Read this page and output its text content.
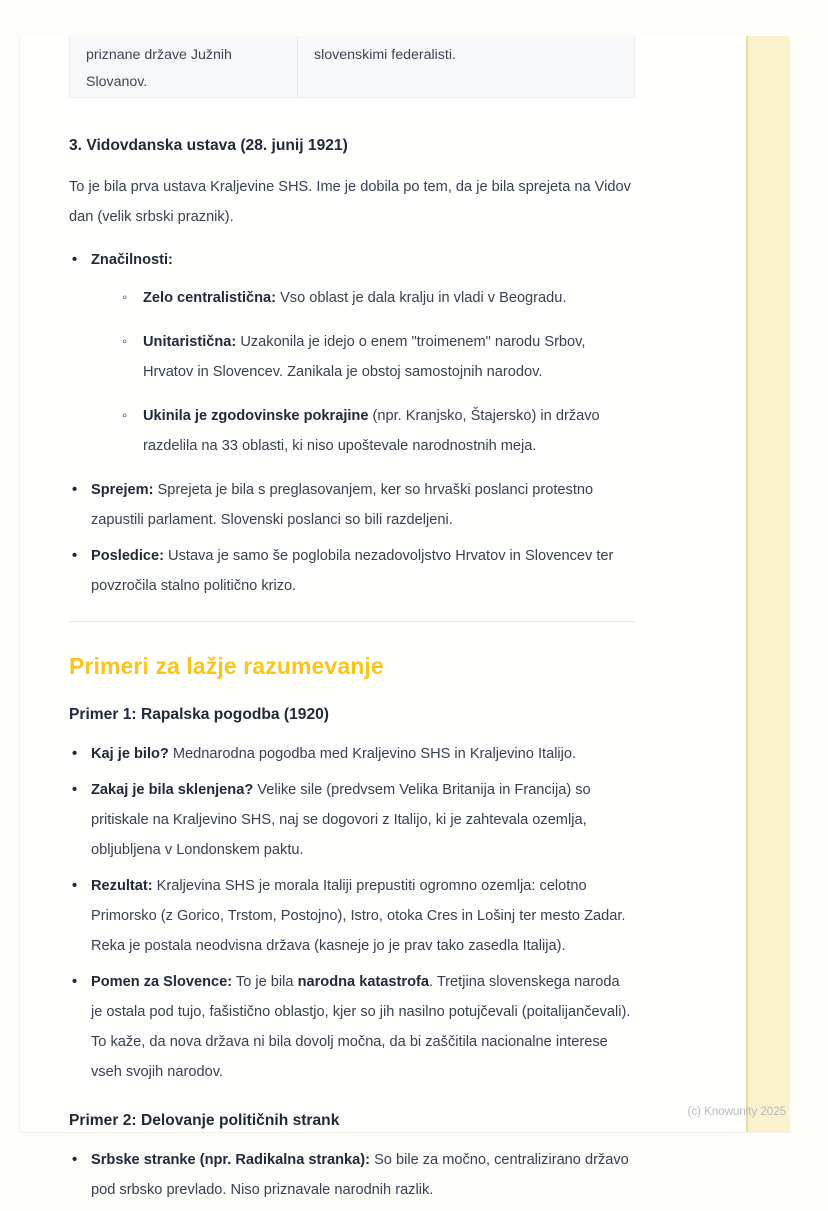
priznane države Južnih Slovanov.
slovenskimi federalisti.
3. Vidovdanska ustava (28. junij 1921)

To je bila prva ustava Kraljevine SHS. Ime je dobila po tem, da je bila sprejeta na Vidov dan (velik srbski praznik).

• Značilnosti:
◦ Zelo centralistična: Vso oblast je dala kralju in vladi v Beogradu.
◦ Unitaristična: Uzakonila je idejo o enem "troimenem" narodu Srbov, Hrvatov in Slovencev. Zanikala je obstoj samostojnih narodov.
◦ Ukinila je zgodovinske pokrajine (npr. Kranjsko, Štajersko) in državo razdelila na 33 oblasti, ki niso upoštevale narodnostnih meja.
• Sprejem: Sprejeta je bila s preglasovanjem, ker so hrvaški poslanci protestno zapustili parlament. Slovenski poslanci so bili razdeljeni.
• Posledice: Ustava je samo še poglobila nezadovoljstvo Hrvatov in Slovencev ter povzročila stalno politično krizo.
Primeri za lažje razumevanje
Primer 1: Rapalska pogodba (1920)
• Kaj je bilo? Mednarodna pogodba med Kraljevino SHS in Kraljevino Italijo.
• Zakaj je bila sklenjena? Velike sile (predvsem Velika Britanija in Francija) so pritiskale na Kraljevino SHS, naj se dogovori z Italijo, ki je zahtevala ozemlja, obljubljena v Londonskem paktu.
• Rezultat: Kraljevina SHS je morala Italiji prepustiti ogromno ozemlja: celotno Primorsko (z Gorico, Trstom, Postojno), Istro, otoka Cres in Lošinj ter mesto Zadar. Reka je postala neodvisna država (kasneje jo je prav tako zasedla Italija).
• Pomen za Slovence: To je bila narodna katastrofa. Tretjina slovenskega naroda je ostala pod tujo, fašistično oblastjo, kjer so jih nasilno potujčevali (poitalijančevali). To kaže, da nova država ni bila dovolj močna, da bi zaščitila nacionalne interese vseh svojih narodov.
Primer 2: Delovanje političnih strank
• Srbske stranke (npr. Radikalna stranka): So bile za močno, centralizirano državo pod srbsko prevlado. Niso priznavale narodnih razlik.
(c) Knowunity 2025
